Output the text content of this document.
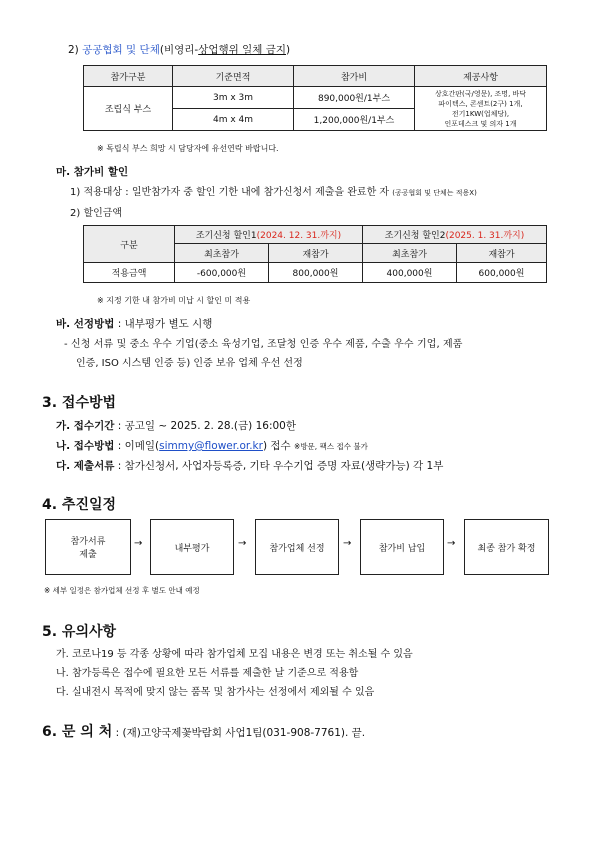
2) 공공협회 및 단체(비영리-상업행위 일체 금지)
참가구분	기준면적	참가비	제공사항
조립식 부스	3m x 3m	890,000원/1부스	상호간판(국/영문), 조명, 바닥
파이텍스, 콘센트(2구) 1개,
전기1KW(업체당),
인포데스크 및 의자 1개

	4m x 4m	1,200,000원/1부스	
※ 독립식 부스 희망 시 담당자에 유선연락 바랍니다.
마. 참가비 할인
1) 적용대상 : 일반참가자 중 할인 기한 내에 참가신청서 제출을 완료한 자 (공공협회 및 단체는 적용X)
2) 할인금액
구분	조기신청 할인1(2024. 12. 31.까지)		조기신청 할인2(2025. 1. 31.까지)	
	최초참가	재참가	최초참가	재참가
적용금액	-600,000원	800,000원	400,000원	600,000원
※ 지정 기한 내 참가비 미납 시 할인 미 적용
바. 선정방법 : 내부평가 별도 시행
- 신청 서류 및 중소 우수 기업(중소 육성기업, 조달청 인증 우수 제품, 수출 우수 기업, 제품
인증, ISO 시스템 인증 등) 인증 보유 업체 우선 선정
3. 접수방법
가. 접수기간 : 공고일 ~ 2025. 2. 28.(금) 16:00한
나. 접수방법 : 이메일(simmy@flower.or.kr) 접수 ※방문, 팩스 접수 불가
다. 제출서류 : 참가신청서, 사업자등록증, 기타 우수기업 증명 자료(생략가능) 각 1부
4. 추진일정
참가서류
제출
→	내부평가	→	참가업체 선정	→	참가비 납입	→	최종 참가 확정
※ 세부 일정은 참가업체 선정 후 별도 안내 예정
5. 유의사항
가. 코로나19 등 각종 상황에 따라 참가업체 모집 내용은 변경 또는 취소될 수 있음
나. 참가등록은 접수에 필요한 모든 서류를 제출한 날 기준으로 적용함
다. 실내전시 목적에 맞지 않는 품목 및 참가사는 선정에서 제외될 수 있음
6. 문 의 처 : (재)고양국제꽃박람회 사업1팀(031-908-7761). 끝.
